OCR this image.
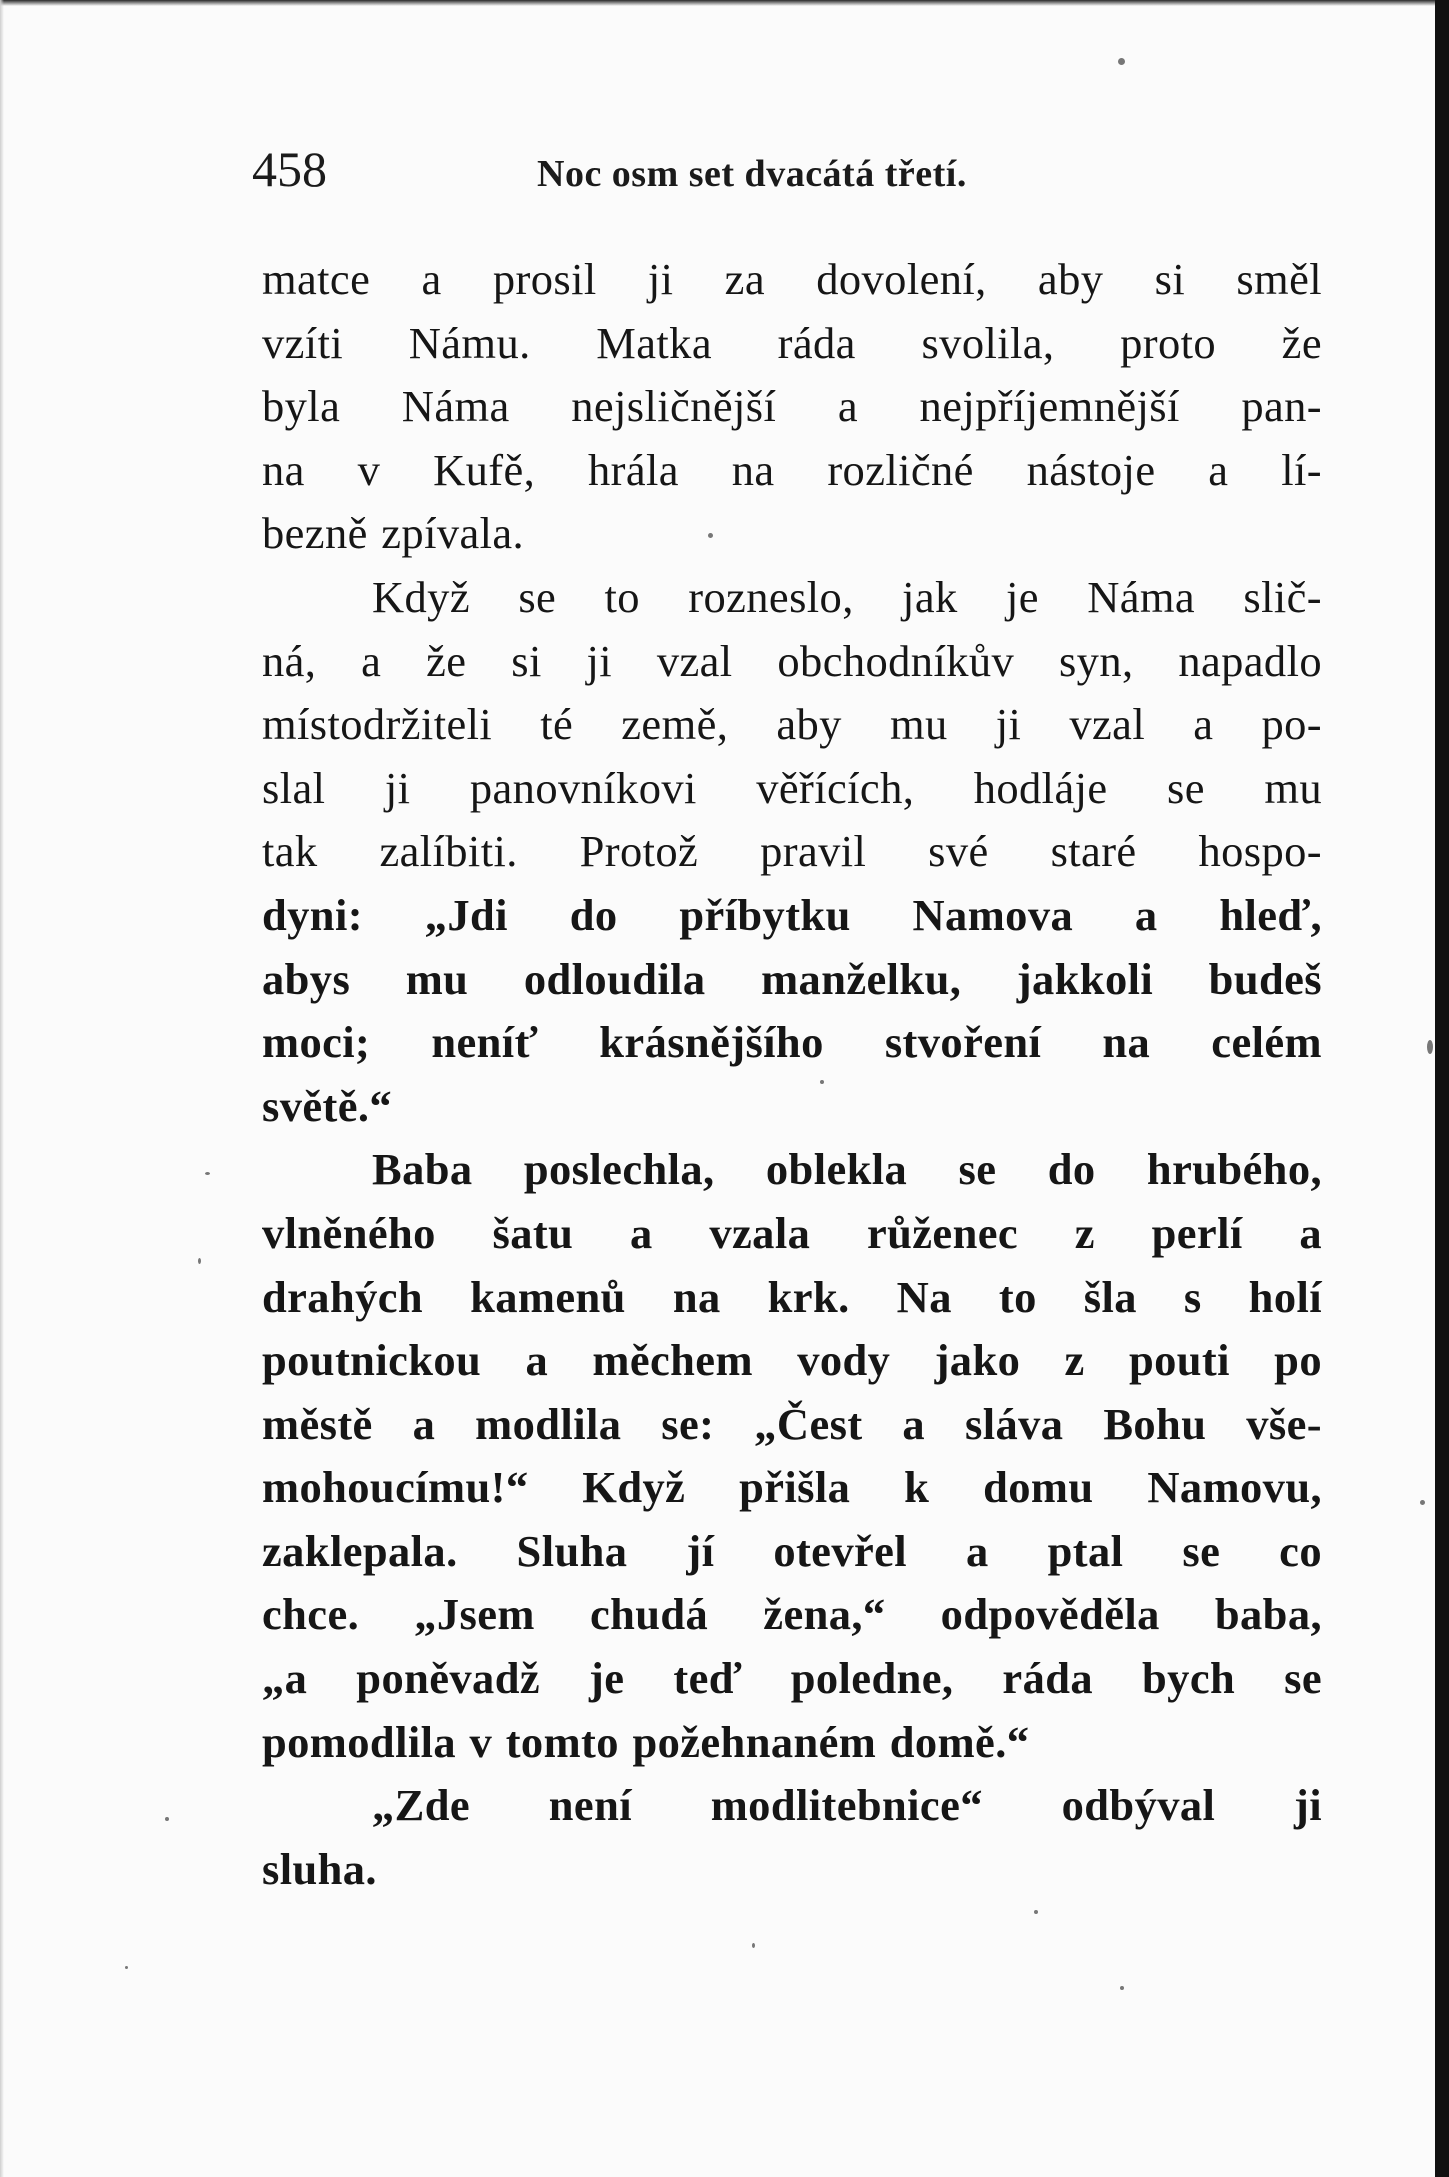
458	Noc osm set dvacátá třetí.
matce a prosil ji za dovolení, aby si směl
vzíti Námu. Matka ráda svolila, proto že
byla Náma nejsličnější a nejpříjemnější pan-
na v Kufě, hrála na rozličné nástoje a lí-
bezně zpívala.
Když se to rozneslo, jak je Náma slič-
ná, a že si ji vzal obchodníkův syn, napadlo
místodržiteli té země, aby mu ji vzal a po-
slal ji panovníkovi věřících, hodláje se mu
tak zalíbiti. Protož pravil své staré hospo-
dyni: „Jdi do příbytku Namova a hleď,
abys mu odloudila manželku, jakkoli budeš
moci; neníť krásnějšího stvoření na celém
světě.“
Baba poslechla, oblekla se do hrubého,
vlněného šatu a vzala růženec z perlí a
drahých kamenů na krk. Na to šla s holí
poutnickou a měchem vody jako z pouti po
městě a modlila se: „Čest a sláva Bohu vše-
mohoucímu!“ Když přišla k domu Namovu,
zaklepala. Sluha jí otevřel a ptal se co
chce. „Jsem chudá žena,“ odpověděla baba,
„a poněvadž je teď poledne, ráda bych se
pomodlila v tomto požehnaném domě.“
„Zde není modlitebnice“ odbýval ji
sluha.
